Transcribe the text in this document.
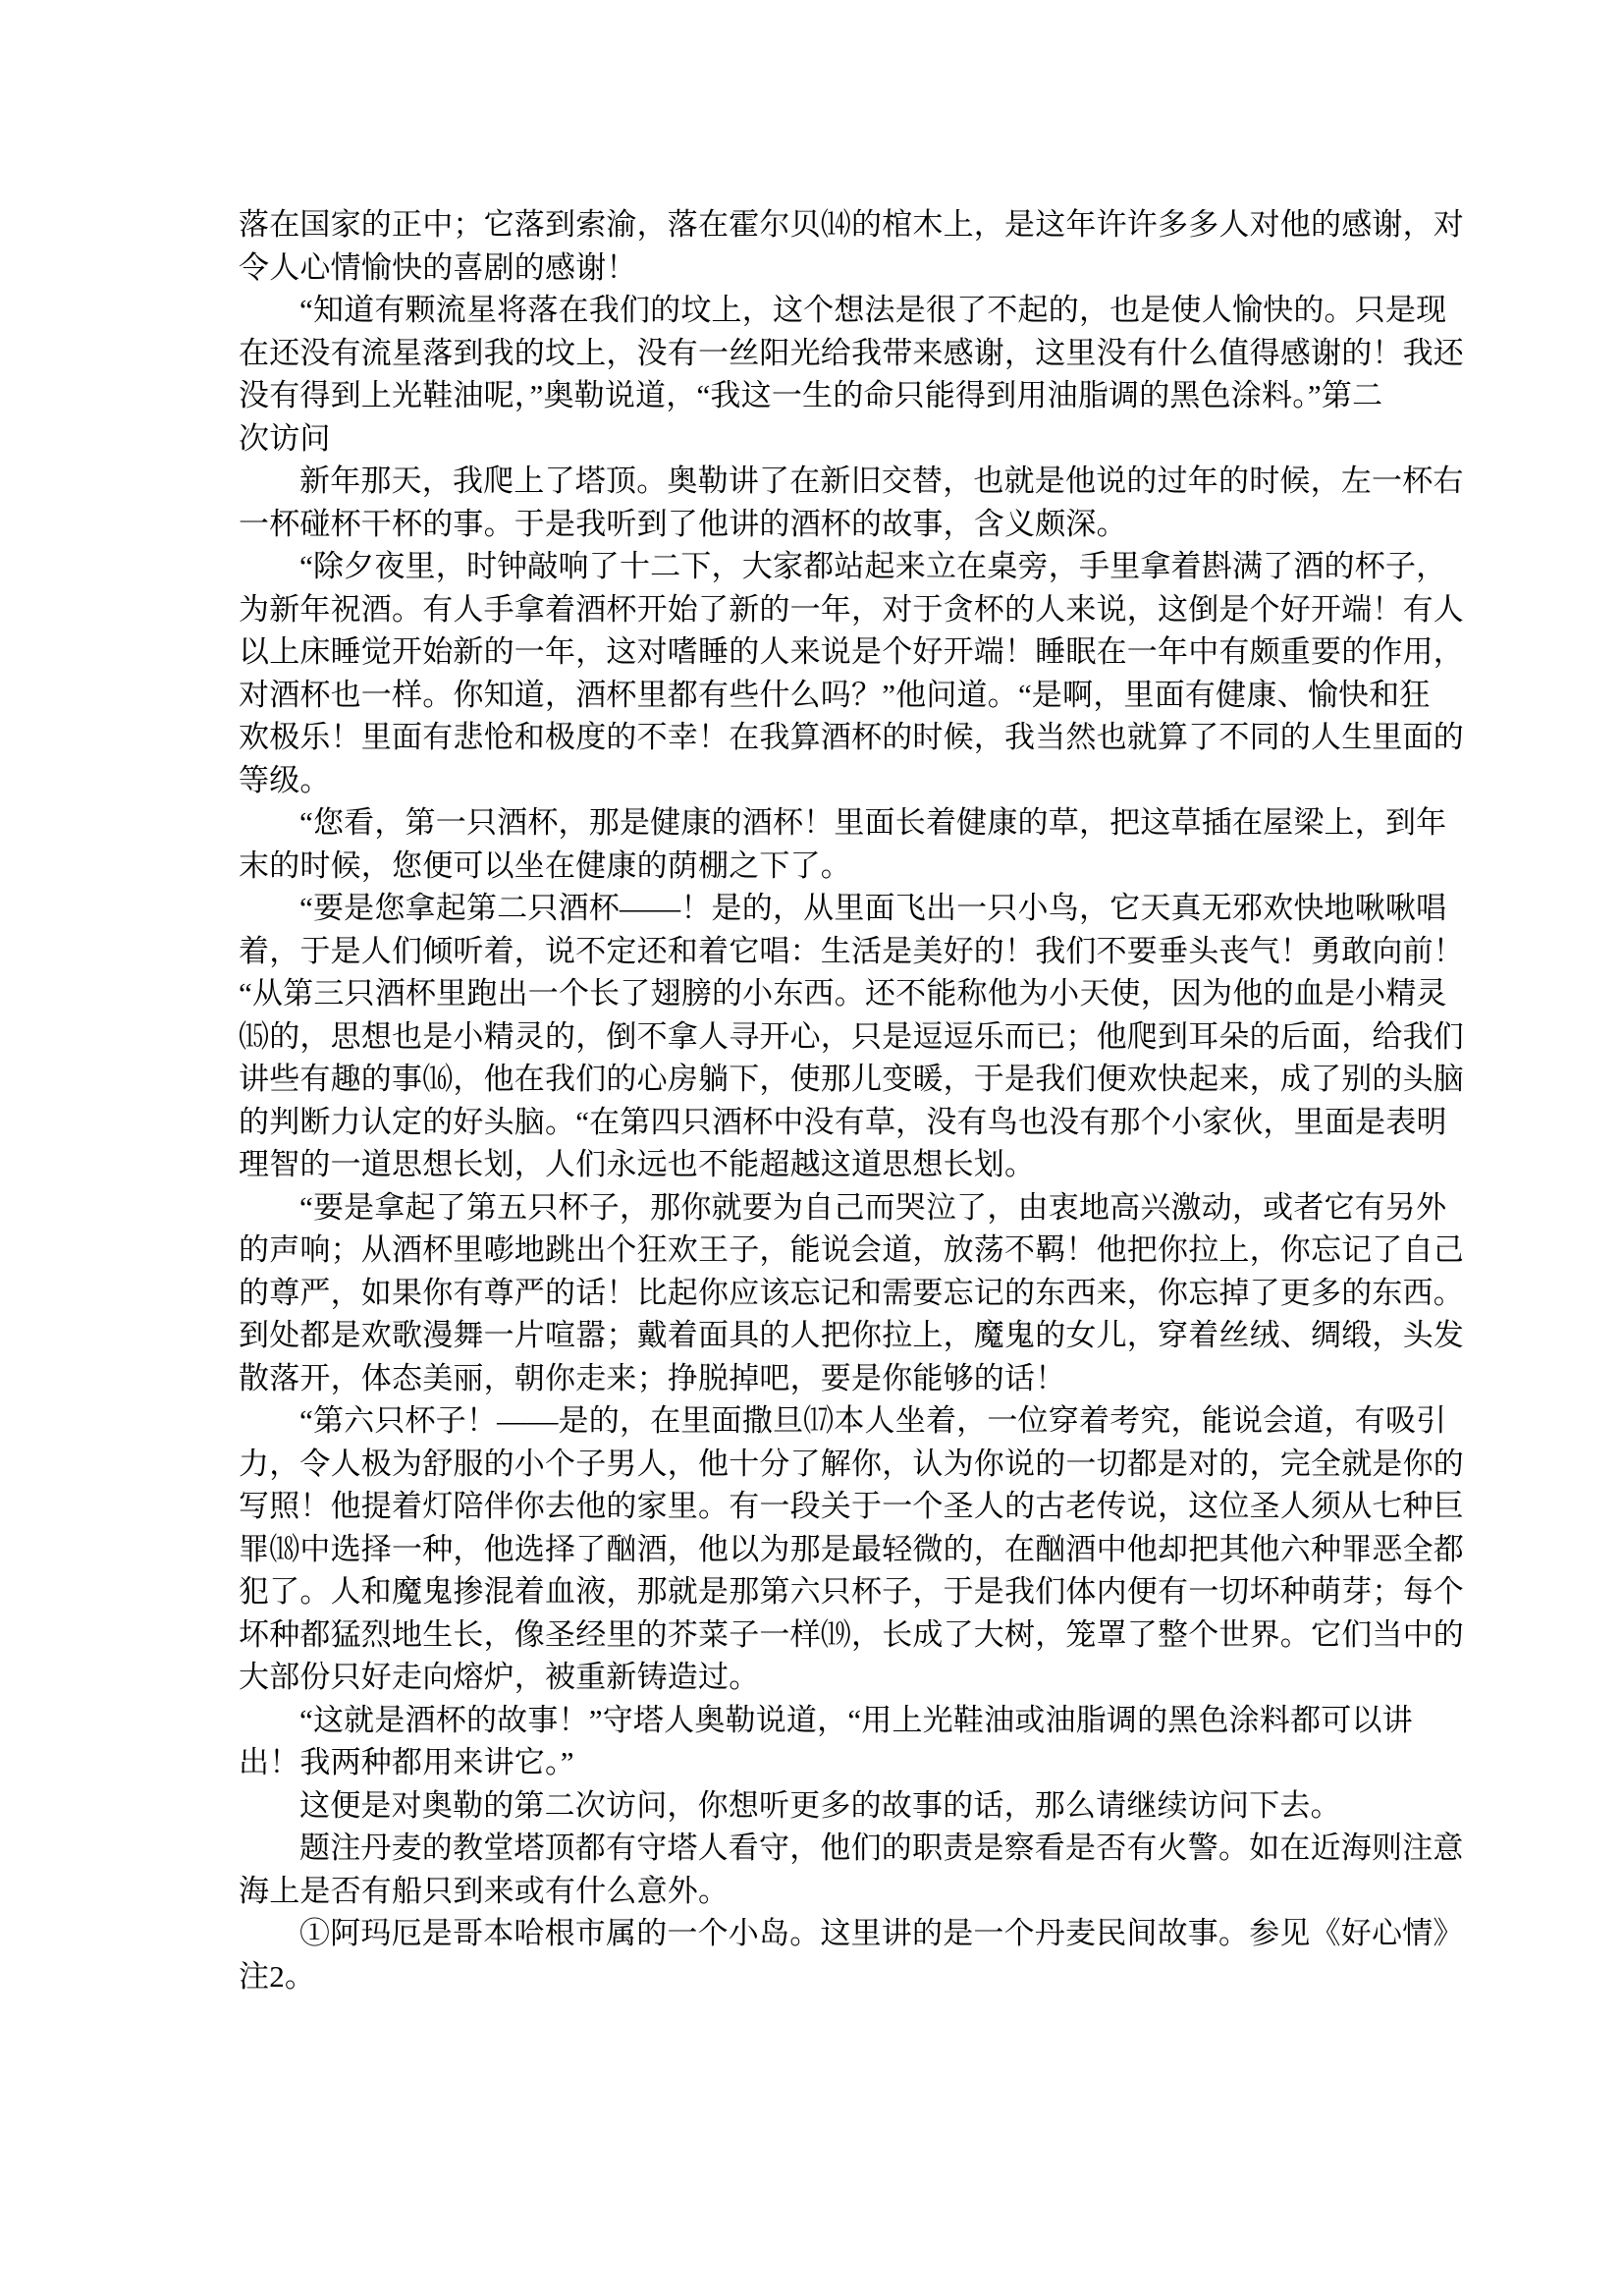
落在国家的正中；它落到索渝，落在霍尔贝⒁的棺木上，是这年许许多多人对他的感谢，对
令人心情愉快的喜剧的感谢！
“知道有颗流星将落在我们的坟上，这个想法是很了不起的，也是使人愉快的。只是现
在还没有流星落到我的坟上，没有一丝阳光给我带来感谢，这里没有什么值得感谢的！我还
没有得到上光鞋油呢，”奥勒说道，“我这一生的命只能得到用油脂调的黑色涂料。”第二
次访问
新年那天，我爬上了塔顶。奥勒讲了在新旧交替，也就是他说的过年的时候，左一杯右
一杯碰杯干杯的事。于是我听到了他讲的酒杯的故事，含义颇深。
“除夕夜里，时钟敲响了十二下，大家都站起来立在桌旁，手里拿着斟满了酒的杯子，
为新年祝酒。有人手拿着酒杯开始了新的一年，对于贪杯的人来说，这倒是个好开端！有人
以上床睡觉开始新的一年，这对嗜睡的人来说是个好开端！睡眠在一年中有颇重要的作用，
对酒杯也一样。你知道，酒杯里都有些什么吗？”他问道。“是啊，里面有健康、愉快和狂
欢极乐！里面有悲怆和极度的不幸！在我算酒杯的时候，我当然也就算了不同的人生里面的
等级。
“您看，第一只酒杯，那是健康的酒杯！里面长着健康的草，把这草插在屋梁上，到年
末的时候，您便可以坐在健康的荫棚之下了。
“要是您拿起第二只酒杯——！是的，从里面飞出一只小鸟，它天真无邪欢快地啾啾唱
着，于是人们倾听着，说不定还和着它唱：生活是美好的！我们不要垂头丧气！勇敢向前！
“从第三只酒杯里跑出一个长了翅膀的小东西。还不能称他为小天使，因为他的血是小精灵
⒂的，思想也是小精灵的，倒不拿人寻开心，只是逗逗乐而已；他爬到耳朵的后面，给我们
讲些有趣的事⒃，他在我们的心房躺下，使那儿变暖，于是我们便欢快起来，成了别的头脑
的判断力认定的好头脑。“在第四只酒杯中没有草，没有鸟也没有那个小家伙，里面是表明
理智的一道思想长划，人们永远也不能超越这道思想长划。
“要是拿起了第五只杯子，那你就要为自己而哭泣了，由衷地高兴激动，或者它有另外
的声响；从酒杯里嘭地跳出个狂欢王子，能说会道，放荡不羁！他把你拉上，你忘记了自己
的尊严，如果你有尊严的话！比起你应该忘记和需要忘记的东西来，你忘掉了更多的东西。
到处都是欢歌漫舞一片喧嚣；戴着面具的人把你拉上，魔鬼的女儿，穿着丝绒、绸缎，头发
散落开，体态美丽，朝你走来；挣脱掉吧，要是你能够的话！
“第六只杯子！——是的，在里面撒旦⒄本人坐着，一位穿着考究，能说会道，有吸引
力，令人极为舒服的小个子男人，他十分了解你，认为你说的一切都是对的，完全就是你的
写照！他提着灯陪伴你去他的家里。有一段关于一个圣人的古老传说，这位圣人须从七种巨
罪⒅中选择一种，他选择了酗酒，他以为那是最轻微的，在酗酒中他却把其他六种罪恶全都
犯了。人和魔鬼掺混着血液，那就是那第六只杯子，于是我们体内便有一切坏种萌芽；每个
坏种都猛烈地生长，像圣经里的芥菜子一样⒆，长成了大树，笼罩了整个世界。它们当中的
大部份只好走向熔炉，被重新铸造过。
“这就是酒杯的故事！”守塔人奥勒说道，“用上光鞋油或油脂调的黑色涂料都可以讲
出！我两种都用来讲它。”
这便是对奥勒的第二次访问，你想听更多的故事的话，那么请继续访问下去。
题注丹麦的教堂塔顶都有守塔人看守，他们的职责是察看是否有火警。如在近海则注意
海上是否有船只到来或有什么意外。
①阿玛厄是哥本哈根市属的一个小岛。这里讲的是一个丹麦民间故事。参见《好心情》
注2。
